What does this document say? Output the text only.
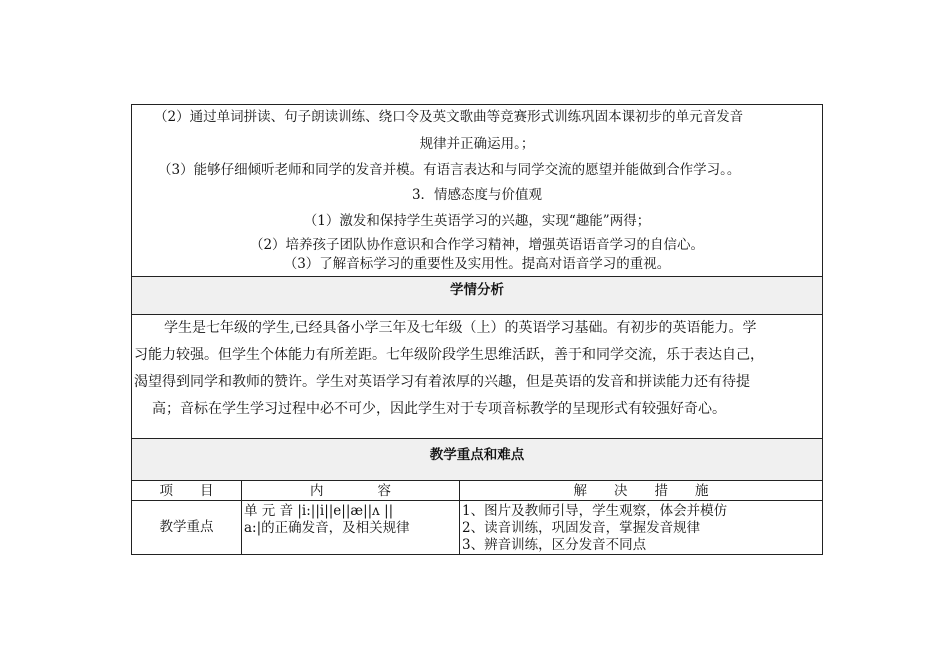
（2）通过单词拼读、句子朗读训练、绕口令及英文歌曲等竞赛形式训练巩固本课初步的单元音发音
规律并正确运用。；
（3）能够仔细倾听老师和同学的发音并模。有语言表达和与同学交流的愿望并能做到合作学习。。
3．情感态度与价值观
（1）激发和保持学生英语学习的兴趣，实现“趣能”两得；
（2）培养孩子团队协作意识和合作学习精神，增强英语语音学习的自信心。
（3）了解音标学习的重要性及实用性。提高对语音学习的重视。
学情分析
学生是七年级的学生,已经具备小学三年及七年级（上）的英语学习基础。有初步的英语能力。学
习能力较强。但学生个体能力有所差距。七年级阶段学生思维活跃，善于和同学交流，乐于表达自己，
渴望得到同学和教师的赞许。学生对英语学习有着浓厚的兴趣，但是英语的发音和拼读能力还有待提
高；音标在学生学习过程中必不可少，因此学生对于专项音标教学的呈现形式有较强好奇心。
教学重点和难点
项　　目	内　　　　容	解　　决　　措　　施
教学重点
单 元 音 |i:||i||e||æ||ʌ ||
a:|的正确发音，及相关规律
1、图片及教师引导，学生观察，体会并模仿
2、读音训练，巩固发音，掌握发音规律
3、辨音训练，区分发音不同点
